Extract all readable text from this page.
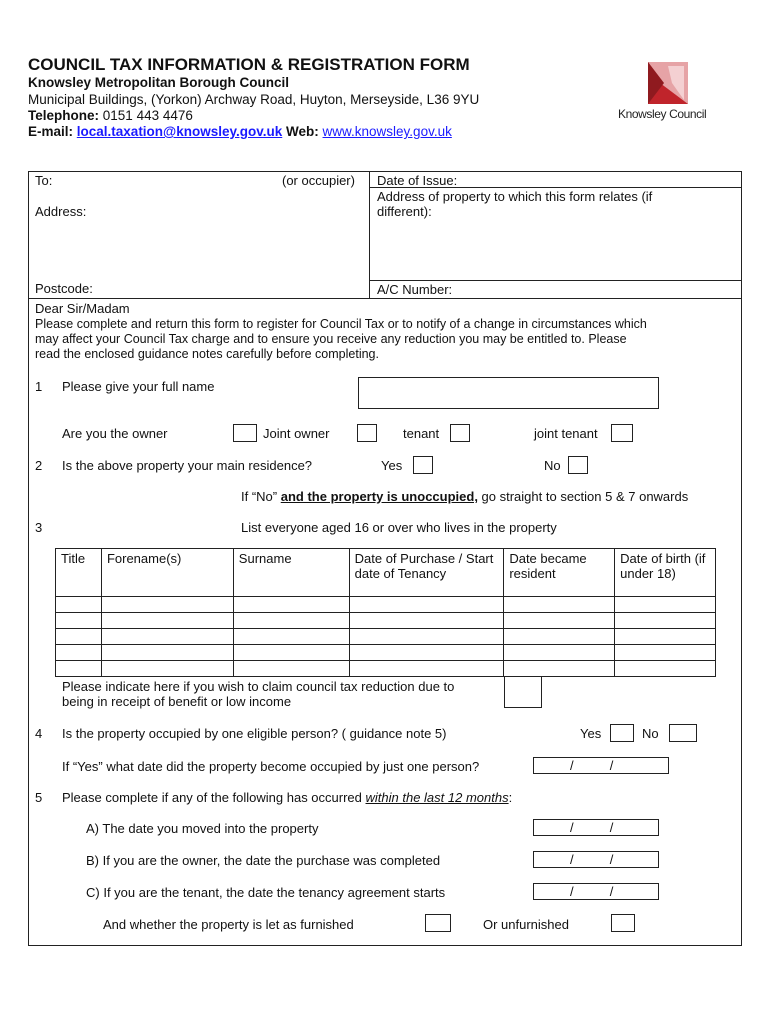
COUNCIL TAX INFORMATION & REGISTRATION FORM
Knowsley Metropolitan Borough Council
Municipal Buildings, (Yorkon) Archway Road, Huyton, Merseyside, L36 9YU
Telephone: 0151 443 4476
E-mail: local.taxation@knowsley.gov.uk Web: www.knowsley.gov.uk
Knowsley Council
To:	(or occupier)
Address:
Postcode:
Date of Issue:
Address of property to which this form relates (if
different):
A/C Number:
Dear Sir/Madam
Please complete and return this form to register for Council Tax or to notify of a change in circumstances which
may affect your Council Tax charge and to ensure you receive any reduction you may be entitled to. Please
read the enclosed guidance notes carefully before completing.
1 Please give your full name
Are you the owner	Joint owner	tenant	joint tenant
2 Is the above property your main residence?	Yes	No
If “No” and the property is unoccupied, go straight to section 5 & 7 onwards
3	List everyone aged 16 or over who lives in the property
Title	Forename(s)	Surname	Date of Purchase / Start date of Tenancy	Date became resident	Date of birth (if under 18)

Please indicate here if you wish to claim council tax reduction due to
being in receipt of benefit or low income
4 Is the property occupied by one eligible person? ( guidance note 5)	Yes	No
If “Yes” what date did the property become occupied by just one person?	/          /
5 Please complete if any of the following has occurred within the last 12 months:
A) The date you moved into the property	/          /
B) If you are the owner, the date the purchase was completed	/          /
C) If you are the tenant, the date the tenancy agreement starts	/          /
And whether the property is let as furnished	Or unfurnished
